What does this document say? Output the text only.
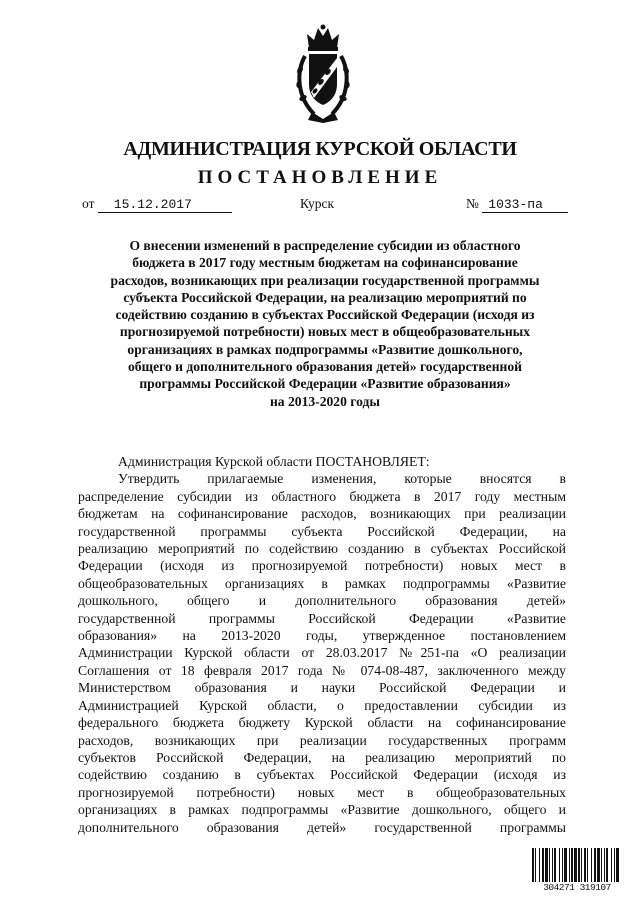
АДМИНИСТРАЦИЯ КУРСКОЙ ОБЛАСТИ
ПОСТАНОВЛЕНИЕ
от 15.12.2017	Курск	№ 1033-па
О внесении изменений в распределение субсидии из областного
бюджета в 2017 году местным бюджетам на софинансирование
расходов, возникающих при реализации государственной программы
субъекта Российской Федерации, на реализацию мероприятий по
содействию созданию в субъектах Российской Федерации (исходя из
прогнозируемой потребности) новых мест в общеобразовательных
организациях в рамках подпрограммы «Развитие дошкольного,
общего и дополнительного образования детей» государственной
программы Российской Федерации «Развитие образования»
на 2013-2020 годы
Администрация Курской области ПОСТАНОВЛЯЕТ:
Утвердить прилагаемые изменения, которые вносятся в
распределение субсидии из областного бюджета в 2017 году местным
бюджетам на софинансирование расходов, возникающих при реализации
государственной программы субъекта Российской Федерации, на
реализацию мероприятий по содействию созданию в субъектах Российской
Федерации (исходя из прогнозируемой потребности) новых мест в
общеобразовательных организациях в рамках подпрограммы «Развитие
дошкольного, общего и дополнительного образования детей»
государственной программы Российской Федерации «Развитие
образования» на 2013-2020 годы, утвержденное постановлением
Администрации Курской области от 28.03.2017 №251-па «О реализации
Соглашения от 18 февраля 2017 года № 074-08-487, заключенного между
Министерством образования и науки Российской Федерации и
Администрацией Курской области, о предоставлении субсидии из
федерального бюджета бюджету Курской области на софинансирование
расходов, возникающих при реализации государственных программ
субъектов Российской Федерации, на реализацию мероприятий по
содействию созданию в субъектах Российской Федерации (исходя из
прогнозируемой потребности) новых мест в общеобразовательных
организациях в рамках подпрограммы «Развитие дошкольного, общего и
дополнительного образования детей» государственной программы
304271 319107
